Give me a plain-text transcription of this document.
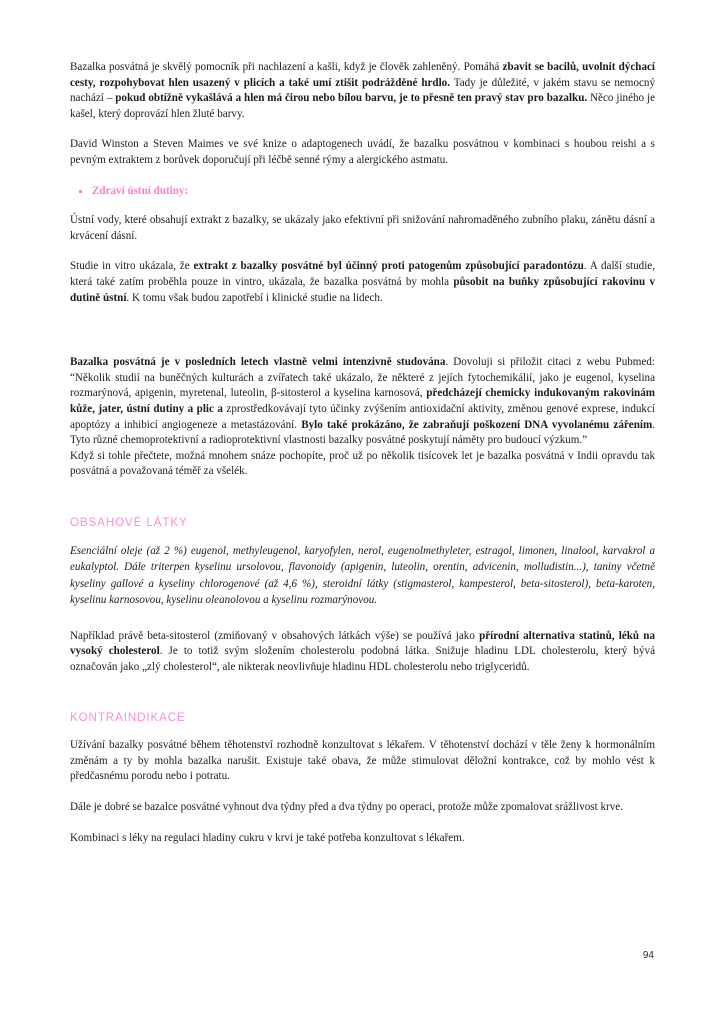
Bazalka posvátná je skvělý pomocník při nachlazení a kašli, když je člověk zahleněný. Pomáhá zbavit se bacilů, uvolnit dýchací cesty, rozpohybovat hlen usazený v plicích a také umí ztišit podrážděné hrdlo. Tady je důležité, v jakém stavu se nemocný nachází – pokud obtížně vykašlává a hlen má čirou nebo bílou barvu, je to přesně ten pravý stav pro bazalku. Něco jiného je kašel, který doprovází hlen žluté barvy.

David Winston a Steven Maimes ve své knize o adaptogenech uvádí, že bazalku posvátnou v kombinaci s houbou reishi a s pevným extraktem z borůvek doporučují při léčbě senné rýmy a alergického astmatu.

Zdraví ústní dutiny:

Ústní vody, které obsahují extrakt z bazalky, se ukázaly jako efektivní při snižování nahromaděného zubního plaku, zánětu dásní a krvácení dásní.

Studie in vitro ukázala, že extrakt z bazalky posvátné byl účinný proti patogenům způsobující paradontózu. A další studie, která také zatím proběhla pouze in vintro, ukázala, že bazalka posvátná by mohla působit na buňky způsobující rakovinu v dutině ústní. K tomu však budou zapotřebí i klinické studie na lidech.

Bazalka posvátná je v posledních letech vlastně velmi intenzivně studována. Dovoluji si přiložit citaci z webu Pubmed: “Několik studií na buněčných kulturách a zvířatech také ukázalo, že některé z jejích fytochemikálií, jako je eugenol, kyselina rozmarýnová, apigenin, myretenal, luteolin, β-sitosterol a kyselina karnosová, předcházejí chemicky indukovaným rakovinám kůže, jater, ústní dutiny a plic a zprostředkovávají tyto účinky zvýšením antioxidační aktivity, změnou genové exprese, indukcí apoptózy a inhibicí angiogeneze a metastázování. Bylo také prokázáno, že zabraňují poškození DNA vyvolanému zářením. Tyto různé chemoprotektivní a radioprotektivní vlastnosti bazalky posvátné poskytují náměty pro budoucí výzkum.”

Když si tohle přečtete, možná mnohem snáze pochopíte, proč už po několik tisícovek let je bazalka posvátná v Indii opravdu tak posvátná a považovaná téměř za všelék.

OBSAHOVÉ LÁTKY

Esenciální oleje (až 2 %) eugenol, methyleugenol, karyofylen, nerol, eugenolmethyleter, estragol, limonen, linalool, karvakrol a eukalyptol. Dále triterpen kyselinu ursolovou, flavonoidy (apigenin, luteolin, orentin, advicenin, molludistin...), taniny včetně kyseliny gallové a kyseliny chlorogenové (až 4,6 %), steroidní látky (stigmasterol, kampesterol, beta-sitosterol), beta-karoten, kyselinu karnosovou, kyselinu oleanolovou a kyselinu rozmarýnovou.

Například právě beta-sitosterol (zmiňovaný v obsahových látkách výše) se používá jako přírodní alternativa statinů, léků na vysoký cholesterol. Je to totiž svým složením cholesterolu podobná látka. Snižuje hladinu LDL cholesterolu, který bývá označován jako „zlý cholesterol“, ale nikterak neovlivňuje hladinu HDL cholesterolu nebo triglyceridů.

KONTRAINDIKACE

Užívání bazalky posvátné během těhotenství rozhodně konzultovat s lékařem. V těhotenství dochází v těle ženy k hormonálním změnám a ty by mohla bazalka narušit. Existuje také obava, že může stimulovat děložní kontrakce, což by mohlo vést k předčasnému porodu nebo i potratu.

Dále je dobré se bazalce posvátné vyhnout dva týdny před a dva týdny po operaci, protože může zpomalovat srážlivost krve.

Kombinaci s léky na regulaci hladiny cukru v krvi je také potřeba konzultovat s lékařem.

94
